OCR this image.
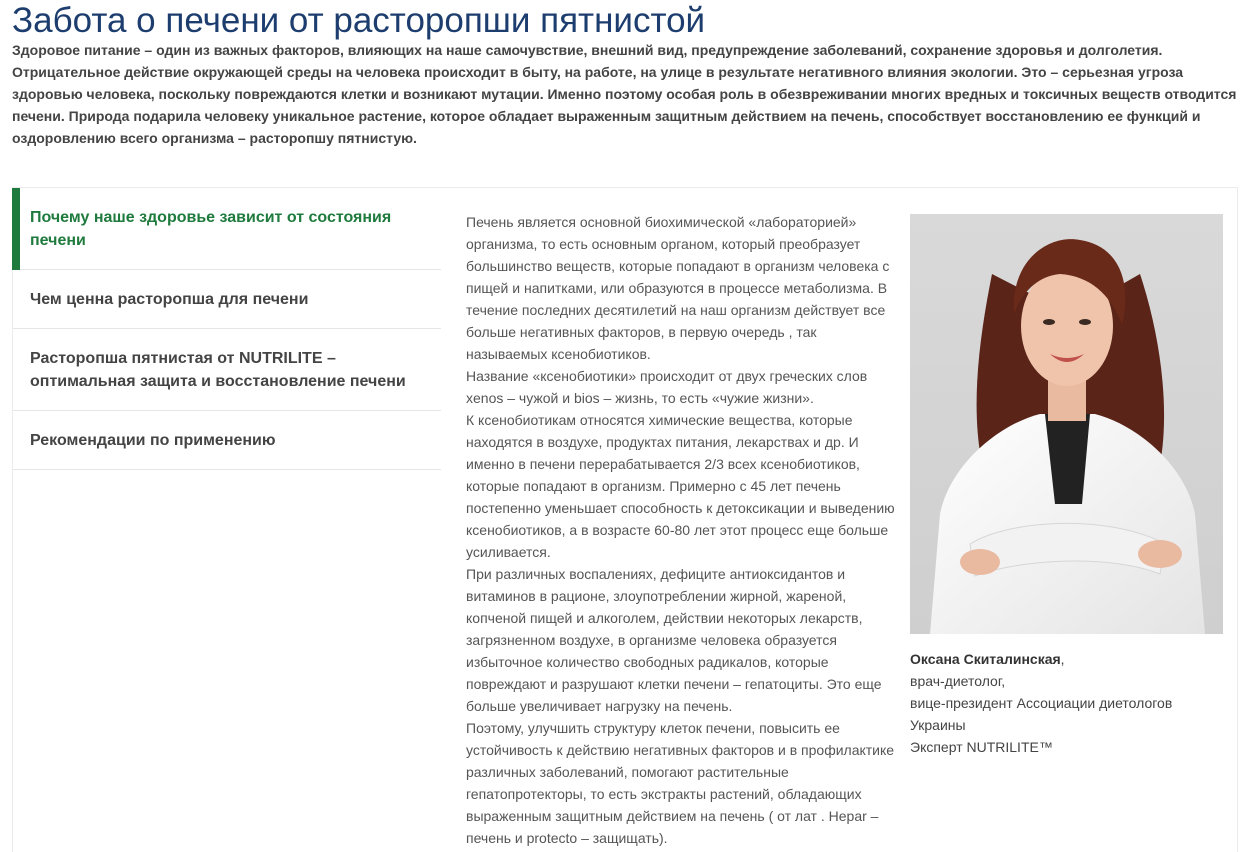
Забота о печени от расторопши пятнистой

Здоровое питание – один из важных факторов, влияющих на наше самочувствие, внешний вид, предупреждение заболеваний, сохранение здоровья и долголетия. Отрицательное действие окружающей среды на человека происходит в быту, на работе, на улице в результате негативного влияния экологии. Это – серьезная угроза здоровью человека, поскольку повреждаются клетки и возникают мутации. Именно поэтому особая роль в обезвреживании многих вредных и токсичных веществ отводится печени. Природа подарила человеку уникальное растение, которое обладает выраженным защитным действием на печень, способствует восстановлению ее функций и оздоровлению всего организма – расторопшу пятнистую.

Почему наше здоровье зависит от состояния печени
Чем ценна расторопша для печени
Расторопша пятнистая от NUTRILITE – оптимальная защита и восстановление печени
Рекомендации по применению

Печень является основной биохимической «лабораторией» организма, то есть основным органом, который преобразует большинство веществ, которые попадают в организм человека с пищей и напитками, или образуются в процессе метаболизма. В течение последних десятилетий на наш организм действует все больше негативных факторов, в первую очередь , так называемых ксенобиотиков.

Название «ксенобиотики» происходит от двух греческих слов xenos – чужой и bios – жизнь, то есть «чужие жизни».

К ксенобиотикам относятся химические вещества, которые находятся в воздухе, продуктах питания, лекарствах и др. И именно в печени перерабатывается 2/3 всех ксенобиотиков, которые попадают в организм. Примерно с 45 лет печень постепенно уменьшает способность к детоксикации и выведению ксенобиотиков, а в возрасте 60-80 лет этот процесс еще больше усиливается.

При различных воспалениях, дефиците антиоксидантов и витаминов в рационе, злоупотреблении жирной, жареной, копченой пищей и алкоголем, действии некоторых лекарств, загрязненном воздухе, в организме человека образуется избыточное количество свободных радикалов, которые повреждают и разрушают клетки печени – гепатоциты. Это еще больше увеличивает нагрузку на печень.

Поэтому, улучшить структуру клеток печени, повысить ее устойчивость к действию негативных факторов и в профилактике различных заболеваний, помогают растительные гепатопротекторы, то есть экстракты растений, обладающих выраженным защитным действием на печень ( от лат . Hepar – печень и protecto – защищать).

Оксана Скиталинская,
врач-диетолог,
вице-президент Ассоциации диетологов
Украины
Эксперт NUTRILITE™
